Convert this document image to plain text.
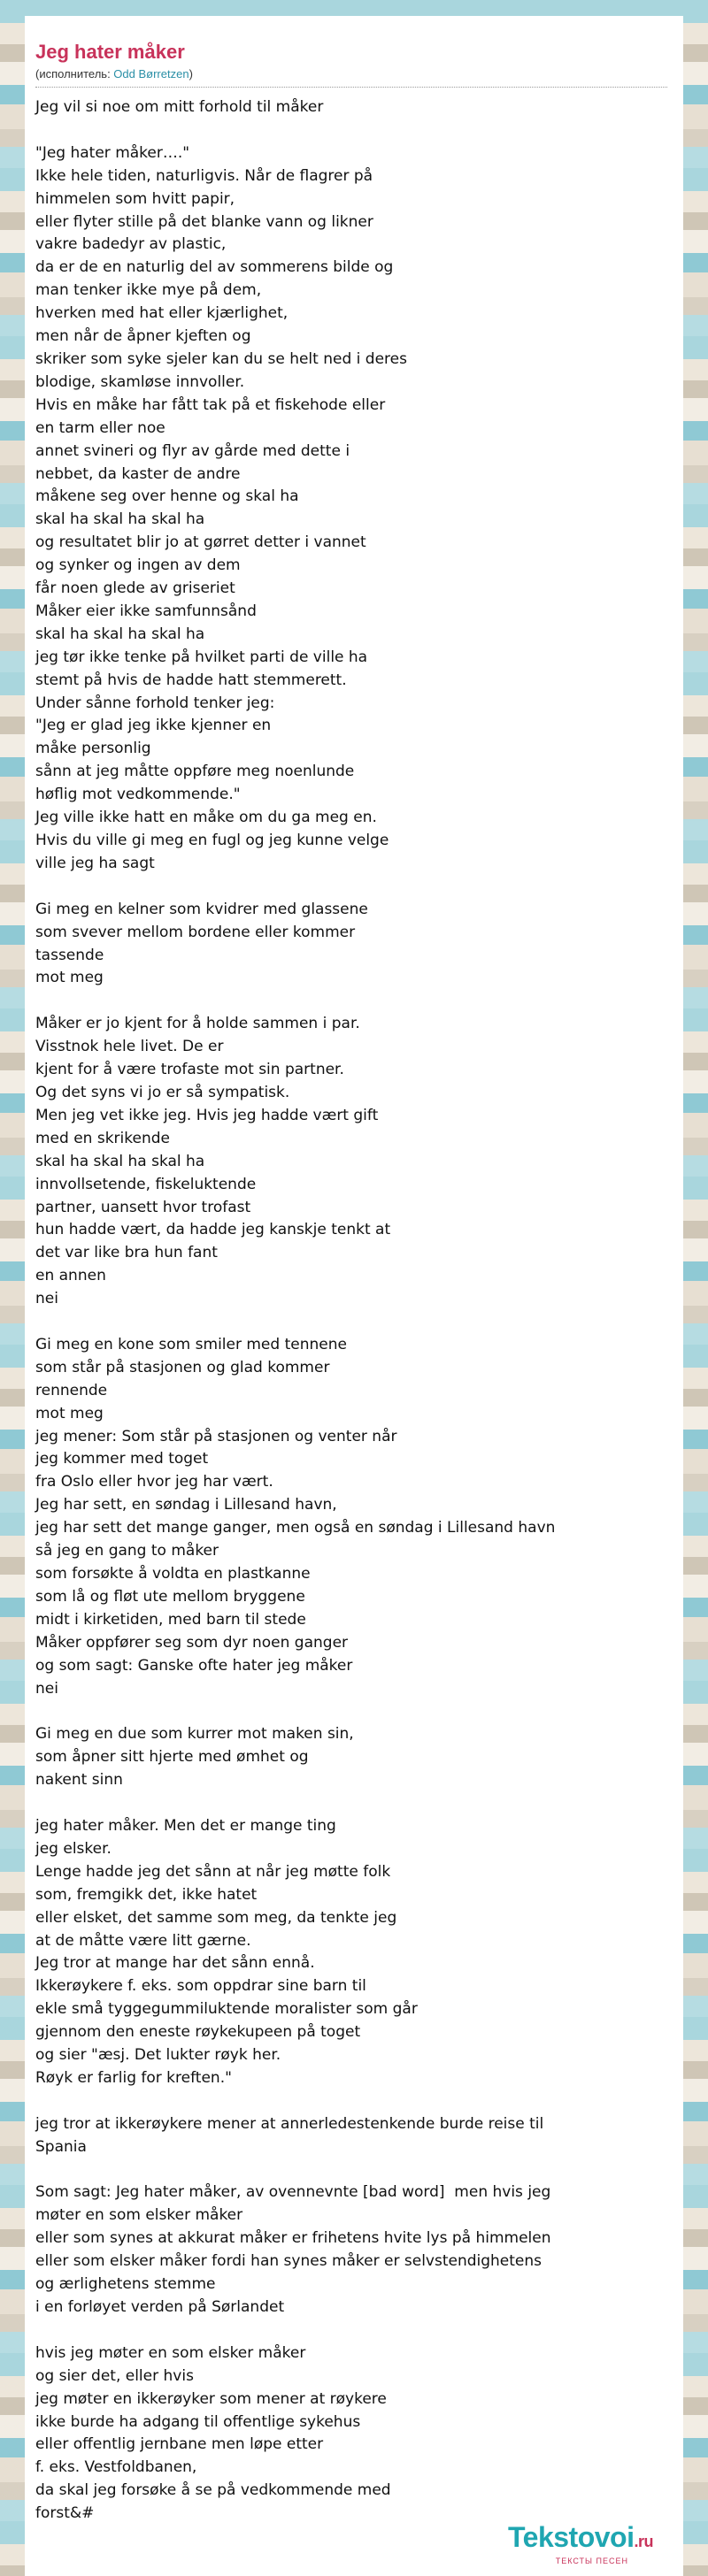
Jeg hater måker
(исполнитель: Odd Børretzen)
Jeg vil si noe om mitt forhold til måker

"Jeg hater måker…."
Ikke hele tiden, naturligvis. Når de flagrer på
himmelen som hvitt papir,
eller flyter stille på det blanke vann og likner
vakre badedyr av plastic,
da er de en naturlig del av sommerens bilde og
man tenker ikke mye på dem,
hverken med hat eller kjærlighet,
men når de åpner kjeften og
skriker som syke sjeler kan du se helt ned i deres
blodige, skamløse innvoller.
Hvis en måke har fått tak på et fiskehode eller
en tarm eller noe
annet svineri og flyr av gårde med dette i
nebbet, da kaster de andre
måkene seg over henne og skal ha
skal ha skal ha skal ha
og resultatet blir jo at gørret detter i vannet
og synker og ingen av dem
får noen glede av griseriet
Måker eier ikke samfunnsånd
skal ha skal ha skal ha
jeg tør ikke tenke på hvilket parti de ville ha
stemt på hvis de hadde hatt stemmerett.
Under sånne forhold tenker jeg:
"Jeg er glad jeg ikke kjenner en
måke personlig
sånn at jeg måtte oppføre meg noenlunde
høflig mot vedkommende."
Jeg ville ikke hatt en måke om du ga meg en.
Hvis du ville gi meg en fugl og jeg kunne velge
ville jeg ha sagt

Gi meg en kelner som kvidrer med glassene
som svever mellom bordene eller kommer
tassende
mot meg

Måker er jo kjent for å holde sammen i par.
Visstnok hele livet. De er
kjent for å være trofaste mot sin partner.
Og det syns vi jo er så sympatisk.
Men jeg vet ikke jeg. Hvis jeg hadde vært gift
med en skrikende
skal ha skal ha skal ha
innvollsetende, fiskeluktende
partner, uansett hvor trofast
hun hadde vært, da hadde jeg kanskje tenkt at
det var like bra hun fant
en annen
nei

Gi meg en kone som smiler med tennene
som står på stasjonen og glad kommer
rennende
mot meg
jeg mener: Som står på stasjonen og venter når
jeg kommer med toget
fra Oslo eller hvor jeg har vært.
Jeg har sett, en søndag i Lillesand havn,
jeg har sett det mange ganger, men også en søndag i Lillesand havn
så jeg en gang to måker
som forsøkte å voldta en plastkanne
som lå og fløt ute mellom bryggene
midt i kirketiden, med barn til stede
Måker oppfører seg som dyr noen ganger
og som sagt: Ganske ofte hater jeg måker
nei

Gi meg en due som kurrer mot maken sin,
som åpner sitt hjerte med ømhet og
nakent sinn

jeg hater måker. Men det er mange ting
jeg elsker.
Lenge hadde jeg det sånn at når jeg møtte folk
som, fremgikk det, ikke hatet
eller elsket, det samme som meg, da tenkte jeg
at de måtte være litt gærne.
Jeg tror at mange har det sånn ennå.
Ikkerøykere f. eks. som oppdrar sine barn til
ekle små tyggegummiluktende moralister som går
gjennom den eneste røykekupeen på toget
og sier "æsj. Det lukter røyk her.
Røyk er farlig for kreften."

jeg tror at ikkerøykere mener at annerledestenkende burde reise til
Spania

Som sagt: Jeg hater måker, av ovennevnte [bad word]  men hvis jeg
møter en som elsker måker
eller som synes at akkurat måker er frihetens hvite lys på himmelen
eller som elsker måker fordi han synes måker er selvstendighetens
og ærlighetens stemme
i en forløyet verden på Sørlandet

hvis jeg møter en som elsker måker
og sier det, eller hvis
jeg møter en ikkerøyker som mener at røykere
ikke burde ha adgang til offentlige sykehus
eller offentlig jernbane men løpe etter
f. eks. Vestfoldbanen,
da skal jeg forsøke å se på vedkommende med
forst&#
Tekstovoi.ru
ТЕКСТЫ ПЕСЕН
